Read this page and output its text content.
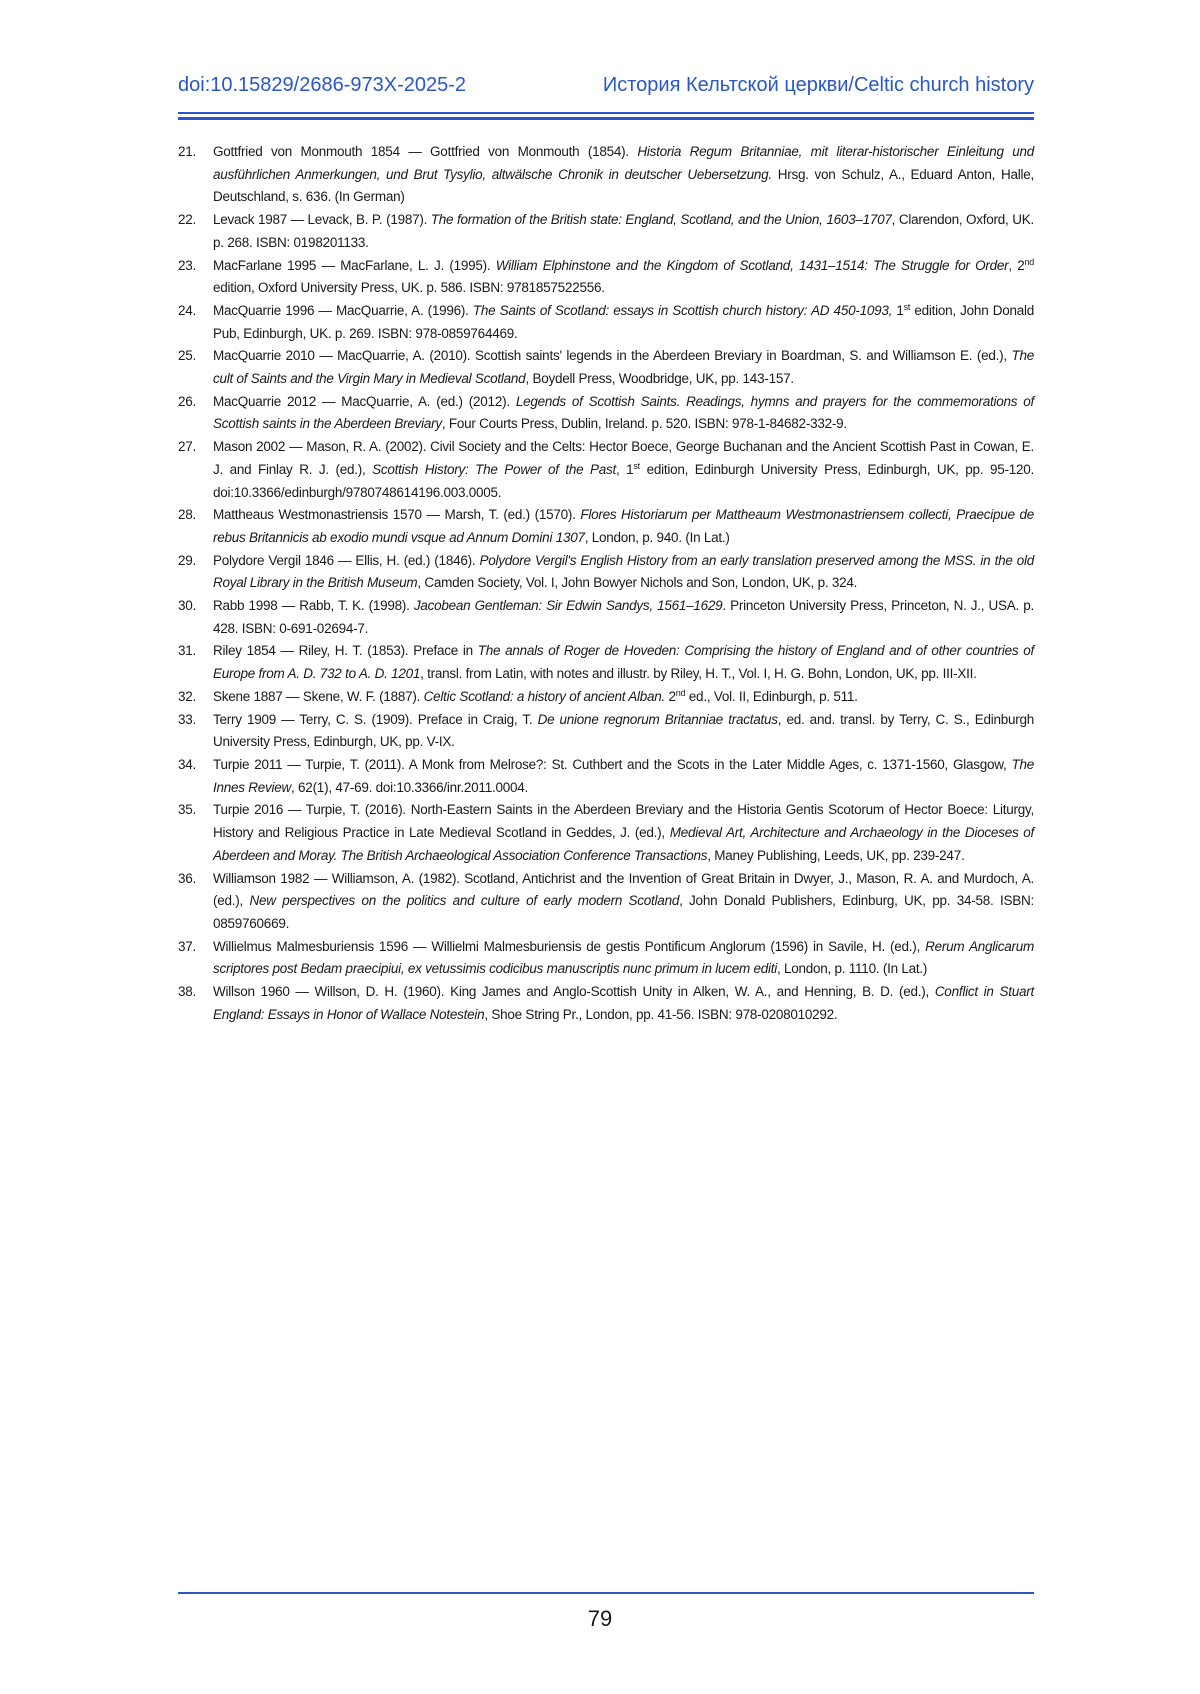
doi:10.15829/2686-973X-2025-2	История Кельтской церкви/Celtic church history
21. Gottfried von Monmouth 1854 — Gottfried von Monmouth (1854). Historia Regum Britanniae, mit literar-historischer Einleitung und ausführlichen Anmerkungen, und Brut Tysylio, altwälsche Chronik in deutscher Uebersetzung. Hrsg. von Schulz, A., Eduard Anton, Halle, Deutschland, s. 636. (In German)
22. Levack 1987 — Levack, B. P. (1987). The formation of the British state: England, Scotland, and the Union, 1603–1707, Clarendon, Oxford, UK. p. 268. ISBN: 0198201133.
23. MacFarlane 1995 — MacFarlane, L. J. (1995). William Elphinstone and the Kingdom of Scotland, 1431–1514: The Struggle for Order, 2nd edition, Oxford University Press, UK. p. 586. ISBN: 9781857522556.
24. MacQuarrie 1996 — MacQuarrie, A. (1996). The Saints of Scotland: essays in Scottish church history: AD 450-1093, 1st edition, John Donald Pub, Edinburgh, UK. p. 269. ISBN: 978-0859764469.
25. MacQuarrie 2010 — MacQuarrie, A. (2010). Scottish saints' legends in the Aberdeen Breviary in Boardman, S. and Williamson E. (ed.), The cult of Saints and the Virgin Mary in Medieval Scotland, Boydell Press, Woodbridge, UK, pp. 143-157.
26. MacQuarrie 2012 — MacQuarrie, A. (ed.) (2012). Legends of Scottish Saints. Readings, hymns and prayers for the commemorations of Scottish saints in the Aberdeen Breviary, Four Courts Press, Dublin, Ireland. p. 520. ISBN: 978-1-84682-332-9.
27. Mason 2002 — Mason, R. A. (2002). Civil Society and the Celts: Hector Boece, George Buchanan and the Ancient Scottish Past in Cowan, E. J. and Finlay R. J. (ed.), Scottish History: The Power of the Past, 1st edition, Edinburgh University Press, Edinburgh, UK, pp. 95-120. doi:10.3366/edinburgh/9780748614196.003.0005.
28. Mattheaus Westmonastriensis 1570 — Marsh, T. (ed.) (1570). Flores Historiarum per Mattheaum Westmonastriensem collecti, Praecipue de rebus Britannicis ab exodio mundi vsque ad Annum Domini 1307, London, p. 940. (In Lat.)
29. Polydore Vergil 1846 — Ellis, H. (ed.) (1846). Polydore Vergil's English History from an early translation preserved among the MSS. in the old Royal Library in the British Museum, Camden Society, Vol. I, John Bowyer Nichols and Son, London, UK, p. 324.
30. Rabb 1998 — Rabb, T. K. (1998). Jacobean Gentleman: Sir Edwin Sandys, 1561–1629. Princeton University Press, Princeton, N. J., USA. p. 428. ISBN: 0-691-02694-7.
31. Riley 1854 — Riley, H. T. (1853). Preface in The annals of Roger de Hoveden: Comprising the history of England and of other countries of Europe from A. D. 732 to A. D. 1201, transl. from Latin, with notes and illustr. by Riley, H. T., Vol. I, H. G. Bohn, London, UK, pp. III-XII.
32. Skene 1887 — Skene, W. F. (1887). Celtic Scotland: a history of ancient Alban. 2nd ed., Vol. II, Edinburgh, p. 511.
33. Terry 1909 — Terry, C. S. (1909). Preface in Craig, T. De unione regnorum Britanniae tractatus, ed. and. transl. by Terry, C. S., Edinburgh University Press, Edinburgh, UK, pp. V-IX.
34. Turpie 2011 — Turpie, T. (2011). A Monk from Melrose?: St. Cuthbert and the Scots in the Later Middle Ages, c. 1371-1560, Glasgow, The Innes Review, 62(1), 47-69. doi:10.3366/inr.2011.0004.
35. Turpie 2016 — Turpie, T. (2016). North-Eastern Saints in the Aberdeen Breviary and the Historia Gentis Scotorum of Hector Boece: Liturgy, History and Religious Practice in Late Medieval Scotland in Geddes, J. (ed.), Medieval Art, Architecture and Archaeology in the Dioceses of Aberdeen and Moray. The British Archaeological Association Conference Transactions, Maney Publishing, Leeds, UK, pp. 239-247.
36. Williamson 1982 — Williamson, A. (1982). Scotland, Antichrist and the Invention of Great Britain in Dwyer, J., Mason, R. A. and Murdoch, A. (ed.), New perspectives on the politics and culture of early modern Scotland, John Donald Publishers, Edinburg, UK, pp. 34-58. ISBN: 0859760669.
37. Willielmus Malmesburiensis 1596 — Willielmi Malmesburiensis de gestis Pontificum Anglorum (1596) in Savile, H. (ed.), Rerum Anglicarum scriptores post Bedam praecipiui, ex vetussimis codicibus manuscriptis nunc primum in lucem editi, London, p. 1110. (In Lat.)
38. Willson 1960 — Willson, D. H. (1960). King James and Anglo-Scottish Unity in Alken, W. A., and Henning, B. D. (ed.), Conflict in Stuart England: Essays in Honor of Wallace Notestein, Shoe String Pr., London, pp. 41-56. ISBN: 978-0208010292.
79
